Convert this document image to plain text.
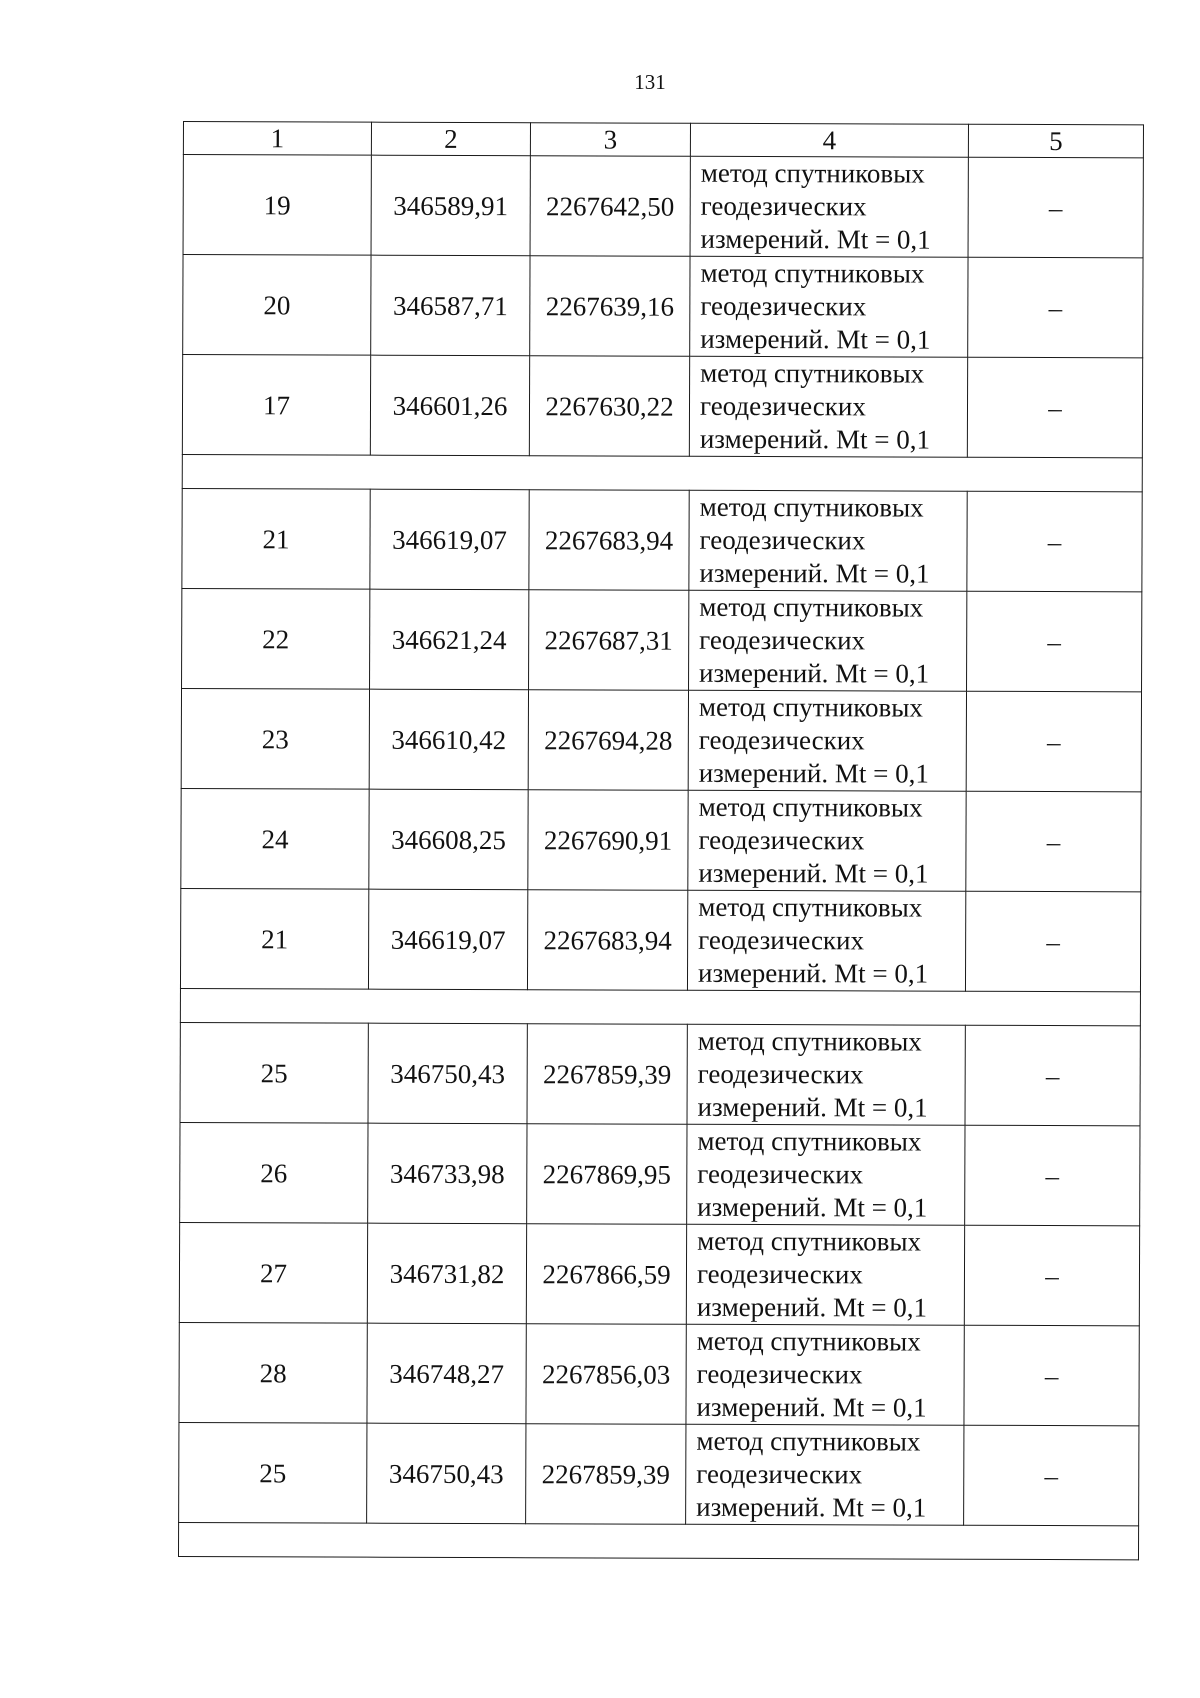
131
1	2	3	4	5
19	346589,91	2267642,50	метод спутниковых
геодезических
измерений. Mt = 0,1	–
20	346587,71	2267639,16	метод спутниковых
геодезических
измерений. Mt = 0,1	–
17	346601,26	2267630,22	метод спутниковых
геодезических
измерений. Mt = 0,1	–

21	346619,07	2267683,94	метод спутниковых
геодезических
измерений. Mt = 0,1	–
22	346621,24	2267687,31	метод спутниковых
геодезических
измерений. Mt = 0,1	–
23	346610,42	2267694,28	метод спутниковых
геодезических
измерений. Mt = 0,1	–
24	346608,25	2267690,91	метод спутниковых
геодезических
измерений. Mt = 0,1	–
21	346619,07	2267683,94	метод спутниковых
геодезических
измерений. Mt = 0,1	–

25	346750,43	2267859,39	метод спутниковых
геодезических
измерений. Mt = 0,1	–
26	346733,98	2267869,95	метод спутниковых
геодезических
измерений. Mt = 0,1	–
27	346731,82	2267866,59	метод спутниковых
геодезических
измерений. Mt = 0,1	–
28	346748,27	2267856,03	метод спутниковых
геодезических
измерений. Mt = 0,1	–
25	346750,43	2267859,39	метод спутниковых
геодезических
измерений. Mt = 0,1	–
